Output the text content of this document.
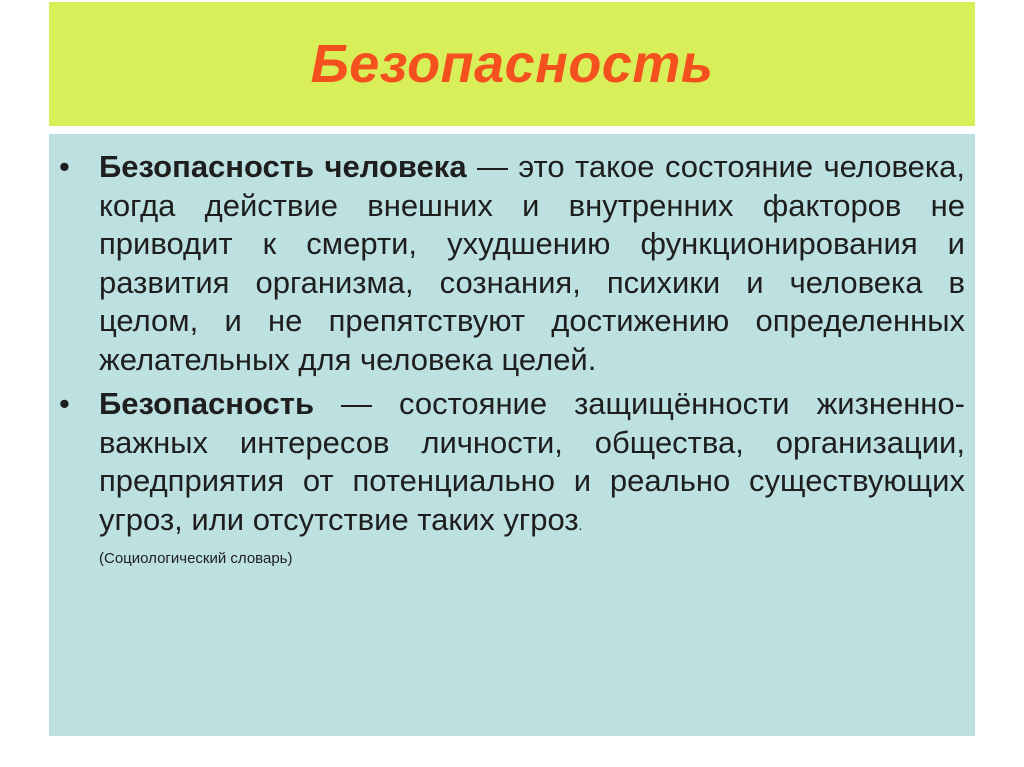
Безопасность
• Безопасность человека — это такое состояние человека, когда действие внешних и внутренних факторов не приводит к смерти, ухудшению функционирования и развития организма, сознания, психики и человека в целом, и не препятствуют достижению определенных желательных для человека целей.
• Безопасность — состояние защищённости жизненно-важных интересов личности, общества, организации, предприятия от потенциально и реально существующих угроз, или отсутствие таких угроз.
(Социологический словарь)
